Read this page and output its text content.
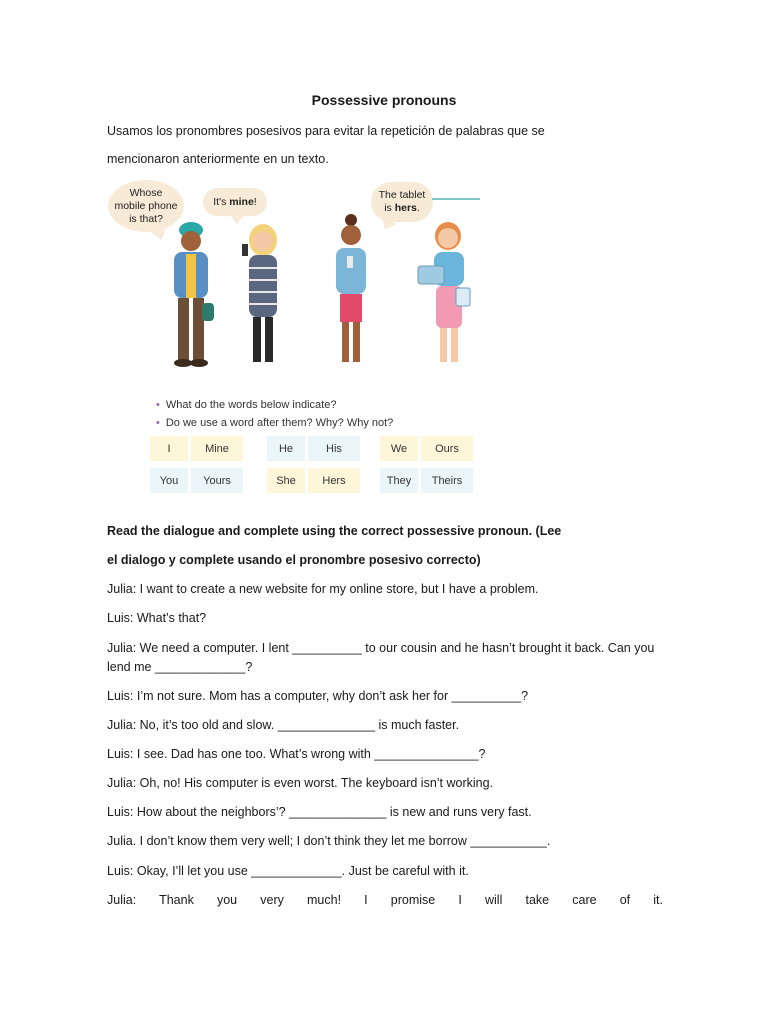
Possessive pronouns
Usamos los pronombres posesivos para evitar la repetición de palabras que se
mencionaron anteriormente en un texto.
Whose
mobile phone
is that?
It's mine!
The tablet
is hers.
• What do the words below indicate?
• Do we use a word after them? Why? Why not?
I	Mine	He	His	We	Ours
You	Yours	She	Hers	They	Theirs
Read the dialogue and complete using the correct possessive pronoun. (Lee
el dialogo y complete usando el pronombre posesivo correcto)
Julia: I want to create a new website for my online store, but I have a problem.
Luis: What’s that?
Julia: We need a computer. I lent __________ to our cousin and he hasn’t brought it back. Can you lend me _____________?
Luis: I’m not sure. Mom has a computer, why don’t ask her for __________?
Julia: No, it’s too old and slow. ______________ is much faster.
Luis: I see. Dad has one too. What’s wrong with _______________?
Julia: Oh, no! His computer is even worst. The keyboard isn’t working.
Luis: How about the neighbors’? ______________ is new and runs very fast.
Julia. I don’t know them very well; I don’t think they let me borrow ___________.
Luis: Okay, I’ll let you use _____________. Just be careful with it.
Julia: Thank you very much! I promise I will take care of it.
